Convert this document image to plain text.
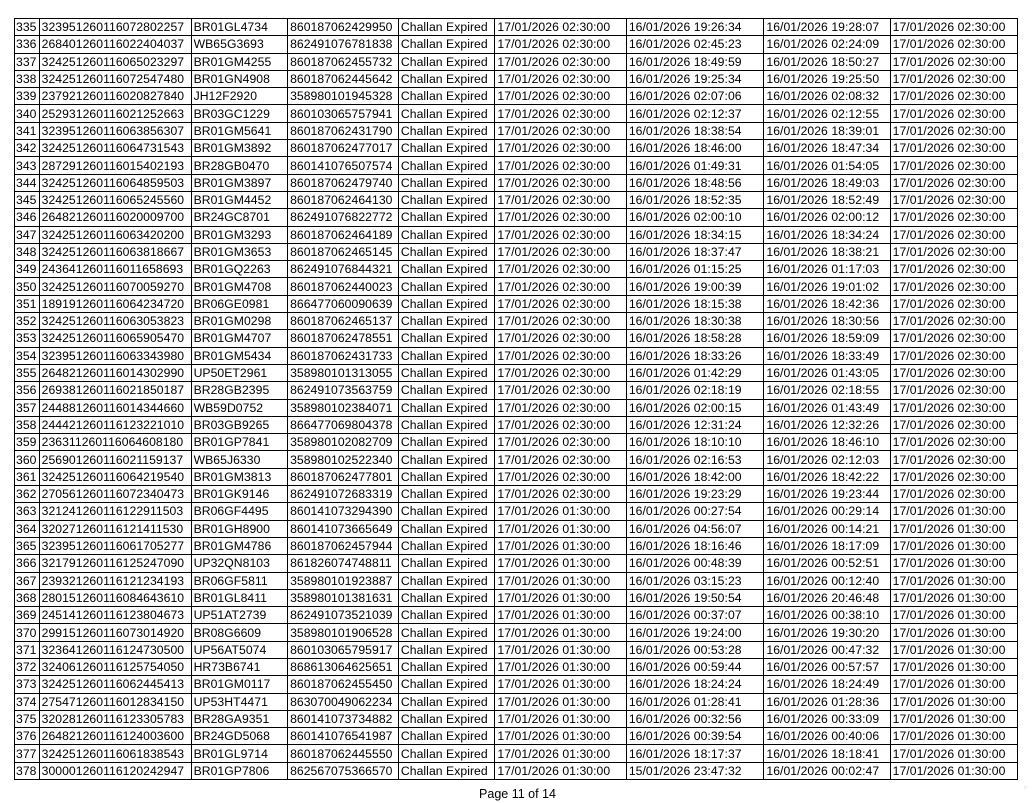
335	323951260116072802257	BR01GL4734	860187062429950	Challan Expired	17/01/2026 02:30:00	16/01/2026 19:26:34	16/01/2026 19:28:07	17/01/2026 02:30:00
336	268401260116022404037	WB65G3693	862491076781838	Challan Expired	17/01/2026 02:30:00	16/01/2026 02:45:23	16/01/2026 02:24:09	17/01/2026 02:30:00
337	324251260116065023297	BR01GM4255	860187062455732	Challan Expired	17/01/2026 02:30:00	16/01/2026 18:49:59	16/01/2026 18:50:27	17/01/2026 02:30:00
338	324251260116072547480	BR01GN4908	860187062445642	Challan Expired	17/01/2026 02:30:00	16/01/2026 19:25:34	16/01/2026 19:25:50	17/01/2026 02:30:00
339	237921260116020827840	JH12F2920	358980101945328	Challan Expired	17/01/2026 02:30:00	16/01/2026 02:07:06	16/01/2026 02:08:32	17/01/2026 02:30:00
340	252931260116021252663	BR03GC1229	860103065757941	Challan Expired	17/01/2026 02:30:00	16/01/2026 02:12:37	16/01/2026 02:12:55	17/01/2026 02:30:00
341	323951260116063856307	BR01GM5641	860187062431790	Challan Expired	17/01/2026 02:30:00	16/01/2026 18:38:54	16/01/2026 18:39:01	17/01/2026 02:30:00
342	324251260116064731543	BR01GM3892	860187062477017	Challan Expired	17/01/2026 02:30:00	16/01/2026 18:46:00	16/01/2026 18:47:34	17/01/2026 02:30:00
343	287291260116015402193	BR28GB0470	860141076507574	Challan Expired	17/01/2026 02:30:00	16/01/2026 01:49:31	16/01/2026 01:54:05	17/01/2026 02:30:00
344	324251260116064859503	BR01GM3897	860187062479740	Challan Expired	17/01/2026 02:30:00	16/01/2026 18:48:56	16/01/2026 18:49:03	17/01/2026 02:30:00
345	324251260116065245560	BR01GM4452	860187062464130	Challan Expired	17/01/2026 02:30:00	16/01/2026 18:52:35	16/01/2026 18:52:49	17/01/2026 02:30:00
346	264821260116020009700	BR24GC8701	862491076822772	Challan Expired	17/01/2026 02:30:00	16/01/2026 02:00:10	16/01/2026 02:00:12	17/01/2026 02:30:00
347	324251260116063420200	BR01GM3293	860187062464189	Challan Expired	17/01/2026 02:30:00	16/01/2026 18:34:15	16/01/2026 18:34:24	17/01/2026 02:30:00
348	324251260116063818667	BR01GM3653	860187062465145	Challan Expired	17/01/2026 02:30:00	16/01/2026 18:37:47	16/01/2026 18:38:21	17/01/2026 02:30:00
349	243641260116011658693	BR01GQ2263	862491076844321	Challan Expired	17/01/2026 02:30:00	16/01/2026 01:15:25	16/01/2026 01:17:03	17/01/2026 02:30:00
350	324251260116070059270	BR01GM4708	860187062440023	Challan Expired	17/01/2026 02:30:00	16/01/2026 19:00:39	16/01/2026 19:01:02	17/01/2026 02:30:00
351	189191260116064234720	BR06GE0981	866477060090639	Challan Expired	17/01/2026 02:30:00	16/01/2026 18:15:38	16/01/2026 18:42:36	17/01/2026 02:30:00
352	324251260116063053823	BR01GM0298	860187062465137	Challan Expired	17/01/2026 02:30:00	16/01/2026 18:30:38	16/01/2026 18:30:56	17/01/2026 02:30:00
353	324251260116065905470	BR01GM4707	860187062478551	Challan Expired	17/01/2026 02:30:00	16/01/2026 18:58:28	16/01/2026 18:59:09	17/01/2026 02:30:00
354	323951260116063343980	BR01GM5434	860187062431733	Challan Expired	17/01/2026 02:30:00	16/01/2026 18:33:26	16/01/2026 18:33:49	17/01/2026 02:30:00
355	264821260116014302990	UP50ET2961	358980101313055	Challan Expired	17/01/2026 02:30:00	16/01/2026 01:42:29	16/01/2026 01:43:05	17/01/2026 02:30:00
356	269381260116021850187	BR28GB2395	862491073563759	Challan Expired	17/01/2026 02:30:00	16/01/2026 02:18:19	16/01/2026 02:18:55	17/01/2026 02:30:00
357	244881260116014344660	WB59D0752	358980102384071	Challan Expired	17/01/2026 02:30:00	16/01/2026 02:00:15	16/01/2026 01:43:49	17/01/2026 02:30:00
358	244421260116123221010	BR03GB9265	866477069804378	Challan Expired	17/01/2026 02:30:00	16/01/2026 12:31:24	16/01/2026 12:32:26	17/01/2026 02:30:00
359	236311260116064608180	BR01GP7841	358980102082709	Challan Expired	17/01/2026 02:30:00	16/01/2026 18:10:10	16/01/2026 18:46:10	17/01/2026 02:30:00
360	256901260116021159137	WB65J6330	358980102522340	Challan Expired	17/01/2026 02:30:00	16/01/2026 02:16:53	16/01/2026 02:12:03	17/01/2026 02:30:00
361	324251260116064219540	BR01GM3813	860187062477801	Challan Expired	17/01/2026 02:30:00	16/01/2026 18:42:00	16/01/2026 18:42:22	17/01/2026 02:30:00
362	270561260116072340473	BR01GK9146	862491072683319	Challan Expired	17/01/2026 02:30:00	16/01/2026 19:23:29	16/01/2026 19:23:44	17/01/2026 02:30:00
363	321241260116122911503	BR06GF4495	860141073294390	Challan Expired	17/01/2026 01:30:00	16/01/2026 00:27:54	16/01/2026 00:29:14	17/01/2026 01:30:00
364	320271260116121411530	BR01GH8900	860141073665649	Challan Expired	17/01/2026 01:30:00	16/01/2026 04:56:07	16/01/2026 00:14:21	17/01/2026 01:30:00
365	323951260116061705277	BR01GM4786	860187062457944	Challan Expired	17/01/2026 01:30:00	16/01/2026 18:16:46	16/01/2026 18:17:09	17/01/2026 01:30:00
366	321791260116125247090	UP32QN8103	861826074748811	Challan Expired	17/01/2026 01:30:00	16/01/2026 00:48:39	16/01/2026 00:52:51	17/01/2026 01:30:00
367	239321260116121234193	BR06GF5811	358980101923887	Challan Expired	17/01/2026 01:30:00	16/01/2026 03:15:23	16/01/2026 00:12:40	17/01/2026 01:30:00
368	280151260116084643610	BR01GL8411	358980101381631	Challan Expired	17/01/2026 01:30:00	16/01/2026 19:50:54	16/01/2026 20:46:48	17/01/2026 01:30:00
369	245141260116123804673	UP51AT2739	862491073521039	Challan Expired	17/01/2026 01:30:00	16/01/2026 00:37:07	16/01/2026 00:38:10	17/01/2026 01:30:00
370	299151260116073014920	BR08G6609	358980101906528	Challan Expired	17/01/2026 01:30:00	16/01/2026 19:24:00	16/01/2026 19:30:20	17/01/2026 01:30:00
371	323641260116124730500	UP56AT5074	860103065795917	Challan Expired	17/01/2026 01:30:00	16/01/2026 00:53:28	16/01/2026 00:47:32	17/01/2026 01:30:00
372	324061260116125754050	HR73B6741	868613064625651	Challan Expired	17/01/2026 01:30:00	16/01/2026 00:59:44	16/01/2026 00:57:57	17/01/2026 01:30:00
373	324251260116062445413	BR01GM0117	860187062455450	Challan Expired	17/01/2026 01:30:00	16/01/2026 18:24:24	16/01/2026 18:24:49	17/01/2026 01:30:00
374	275471260116012834150	UP53HT4471	863070049062234	Challan Expired	17/01/2026 01:30:00	16/01/2026 01:28:41	16/01/2026 01:28:36	17/01/2026 01:30:00
375	320281260116123305783	BR28GA9351	860141073734882	Challan Expired	17/01/2026 01:30:00	16/01/2026 00:32:56	16/01/2026 00:33:09	17/01/2026 01:30:00
376	264821260116124003600	BR24GD5068	860141076541987	Challan Expired	17/01/2026 01:30:00	16/01/2026 00:39:54	16/01/2026 00:40:06	17/01/2026 01:30:00
377	324251260116061838543	BR01GL9714	860187062445550	Challan Expired	17/01/2026 01:30:00	16/01/2026 18:17:37	16/01/2026 18:18:41	17/01/2026 01:30:00
378	300001260116120242947	BR01GP7806	862567075366570	Challan Expired	17/01/2026 01:30:00	15/01/2026 23:47:32	16/01/2026 00:02:47	17/01/2026 01:30:00
Page 11 of 14	○
